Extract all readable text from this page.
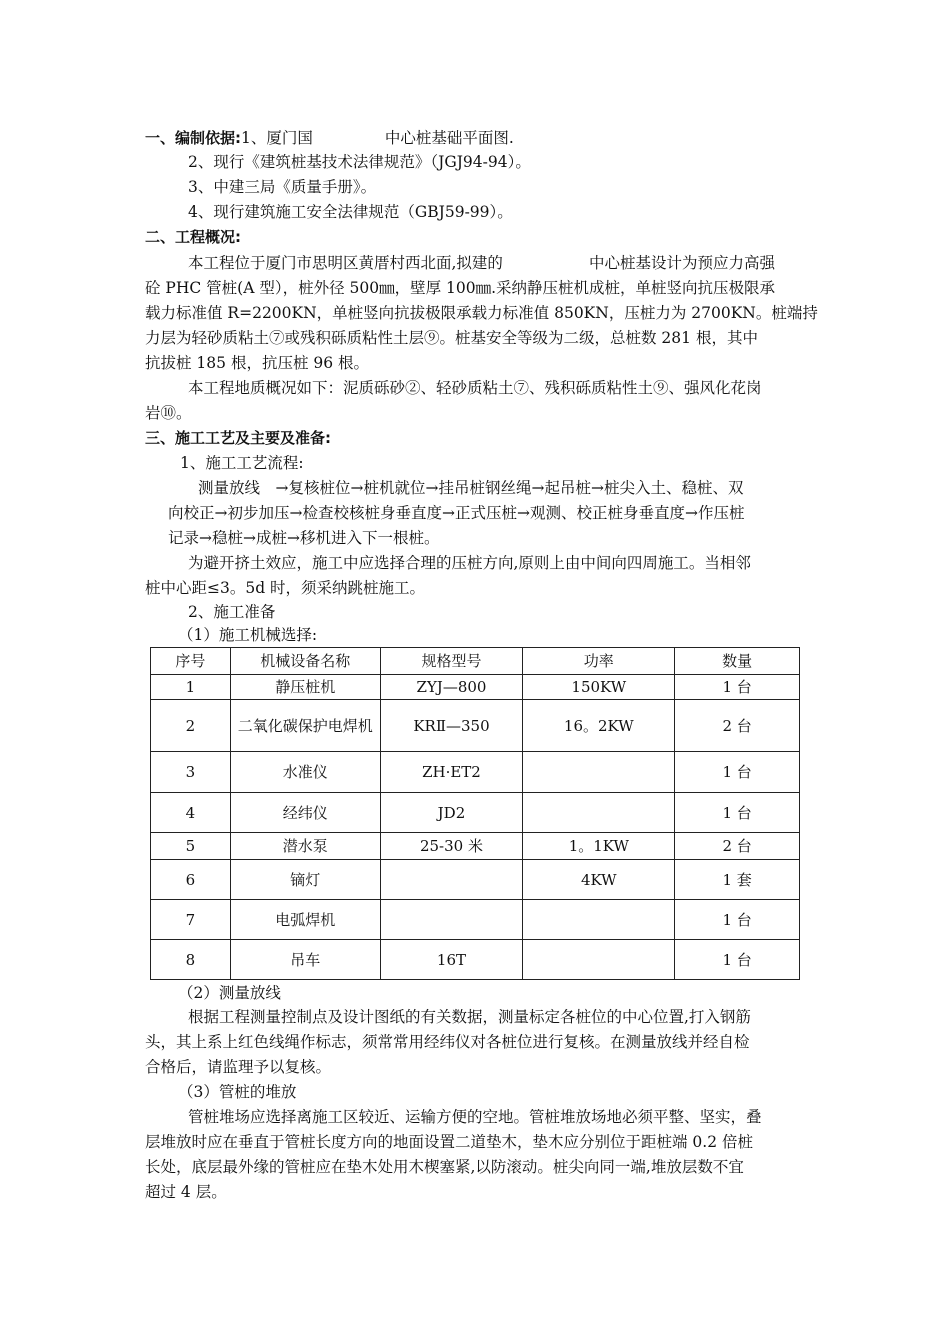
一、编制依据:1、厦门国	中心桩基础平面图.
2、现行《建筑桩基技术法律规范》（JGJ94-94）。
3、中建三局《质量手册》。
4、现行建筑施工安全法律规范（GBJ59-99）。
二、工程概况:
本工程位于厦门市思明区黄厝村西北面,拟建的	中心桩基设计为预应力高强
砼 PHC 管桩(A 型），桩外径 500㎜，壁厚 100㎜.采纳静压桩机成桩，单桩竖向抗压极限承
载力标准值 R=2200KN，单桩竖向抗拔极限承载力标准值 850KN，压桩力为 2700KN。桩端持
力层为轻砂质粘土⑦或残积砾质粘性土层⑨。桩基安全等级为二级，总桩数 281 根，其中
抗拔桩 185 根，抗压桩 96 根。
本工程地质概况如下：泥质砾砂②、轻砂质粘土⑦、残积砾质粘性土⑨、强风化花岗
岩⑩。
三、施工工艺及主要及准备:
1、施工工艺流程:
测量放线　→复核桩位→桩机就位→挂吊桩钢丝绳→起吊桩→桩尖入土、稳桩、双
向校正→初步加压→检查校核桩身垂直度→正式压桩→观测、校正桩身垂直度→作压桩
记录→稳桩→成桩→移机进入下一根桩。
为避开挤土效应，施工中应选择合理的压桩方向,原则上由中间向四周施工。当相邻
桩中心距≤3。5d 时，须采纳跳桩施工。
2、施工准备
（1）施工机械选择:
序号	机械设备名称	规格型号	功率	数量
1	静压桩机	ZYJ—800	150KW	1 台
2	二氧化碳保护电焊机	KRⅡ—350	16。2KW	2 台
3	水准仪	ZH·ET2		1 台
4	经纬仪	JD2		1 台
5	潜水泵	25-30 米	1。1KW	2 台
6	镝灯		4KW	1 套
7	电弧焊机			1 台
8	吊车	16T		1 台
（2）测量放线
根据工程测量控制点及设计图纸的有关数据，测量标定各桩位的中心位置,打入钢筋
头，其上系上红色线绳作标志，须常常用经纬仪对各桩位进行复核。在测量放线并经自检
合格后，请监理予以复核。
（3）管桩的堆放
管桩堆场应选择离施工区较近、运输方便的空地。管桩堆放场地必须平整、坚实，叠
层堆放时应在垂直于管桩长度方向的地面设置二道垫木，垫木应分别位于距桩端 0.2 倍桩
长处，底层最外缘的管桩应在垫木处用木楔塞紧,以防滚动。桩尖向同一端,堆放层数不宜
超过 4 层。
